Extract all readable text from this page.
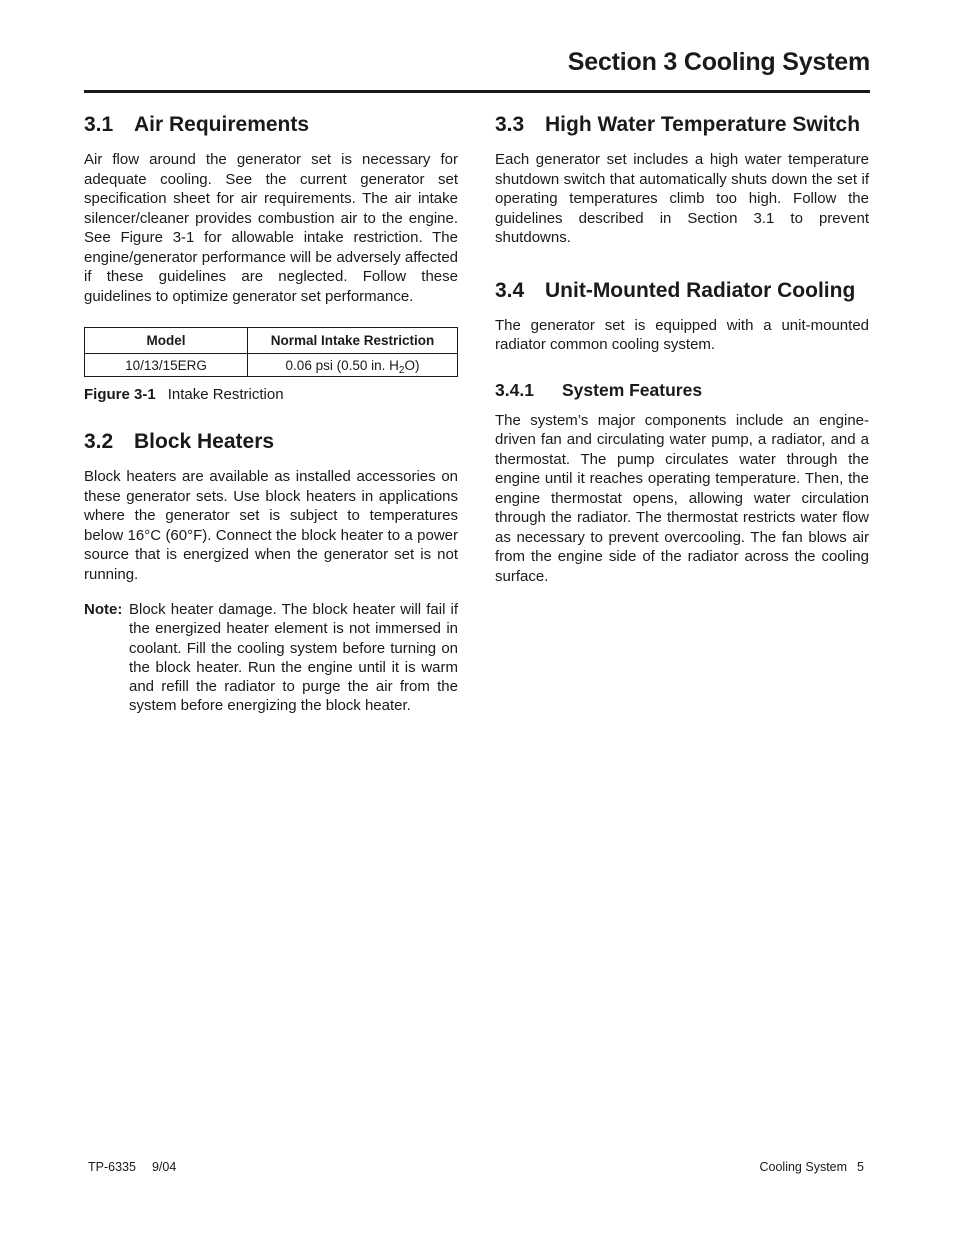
Section 3 Cooling System
3.1 Air Requirements

Air flow around the generator set is necessary for adequate cooling. See the current generator set specification sheet for air requirements. The air intake silencer/cleaner provides combustion air to the engine. See Figure 3-1 for allowable intake restriction. The engine/generator performance will be adversely affected if these guidelines are neglected. Follow these guidelines to optimize generator set performance.

Model	Normal Intake Restriction
10/13/15ERG	0.06 psi (0.50 in. $H_2O$)
Figure 3-1 Intake Restriction
3.2 Block Heaters

Block heaters are available as installed accessories on these generator sets. Use block heaters in applications where the generator set is subject to temperatures below 16°C (60°F). Connect the block heater to a power source that is energized when the generator set is not running.

Note: Block heater damage. The block heater will fail if the energized heater element is not immersed in coolant. Fill the cooling system before turning on the block heater. Run the engine until it is warm and refill the radiator to purge the air from the system before energizing the block heater.
3.3 High Water Temperature Switch

Each generator set includes a high water temperature shutdown switch that automatically shuts down the set if operating temperatures climb too high. Follow the guidelines described in Section 3.1 to prevent shutdowns.

3.4 Unit-Mounted Radiator Cooling

The generator set is equipped with a unit-mounted radiator common cooling system.

3.4.1 System Features

The system’s major components include an engine-driven fan and circulating water pump, a radiator, and a thermostat. The pump circulates water through the engine until it reaches operating temperature. Then, the engine thermostat opens, allowing water circulation through the radiator. The thermostat restricts water flow as necessary to prevent overcooling. The fan blows air from the engine side of the radiator across the cooling surface.

TP-6335 9/04	Cooling System 5
